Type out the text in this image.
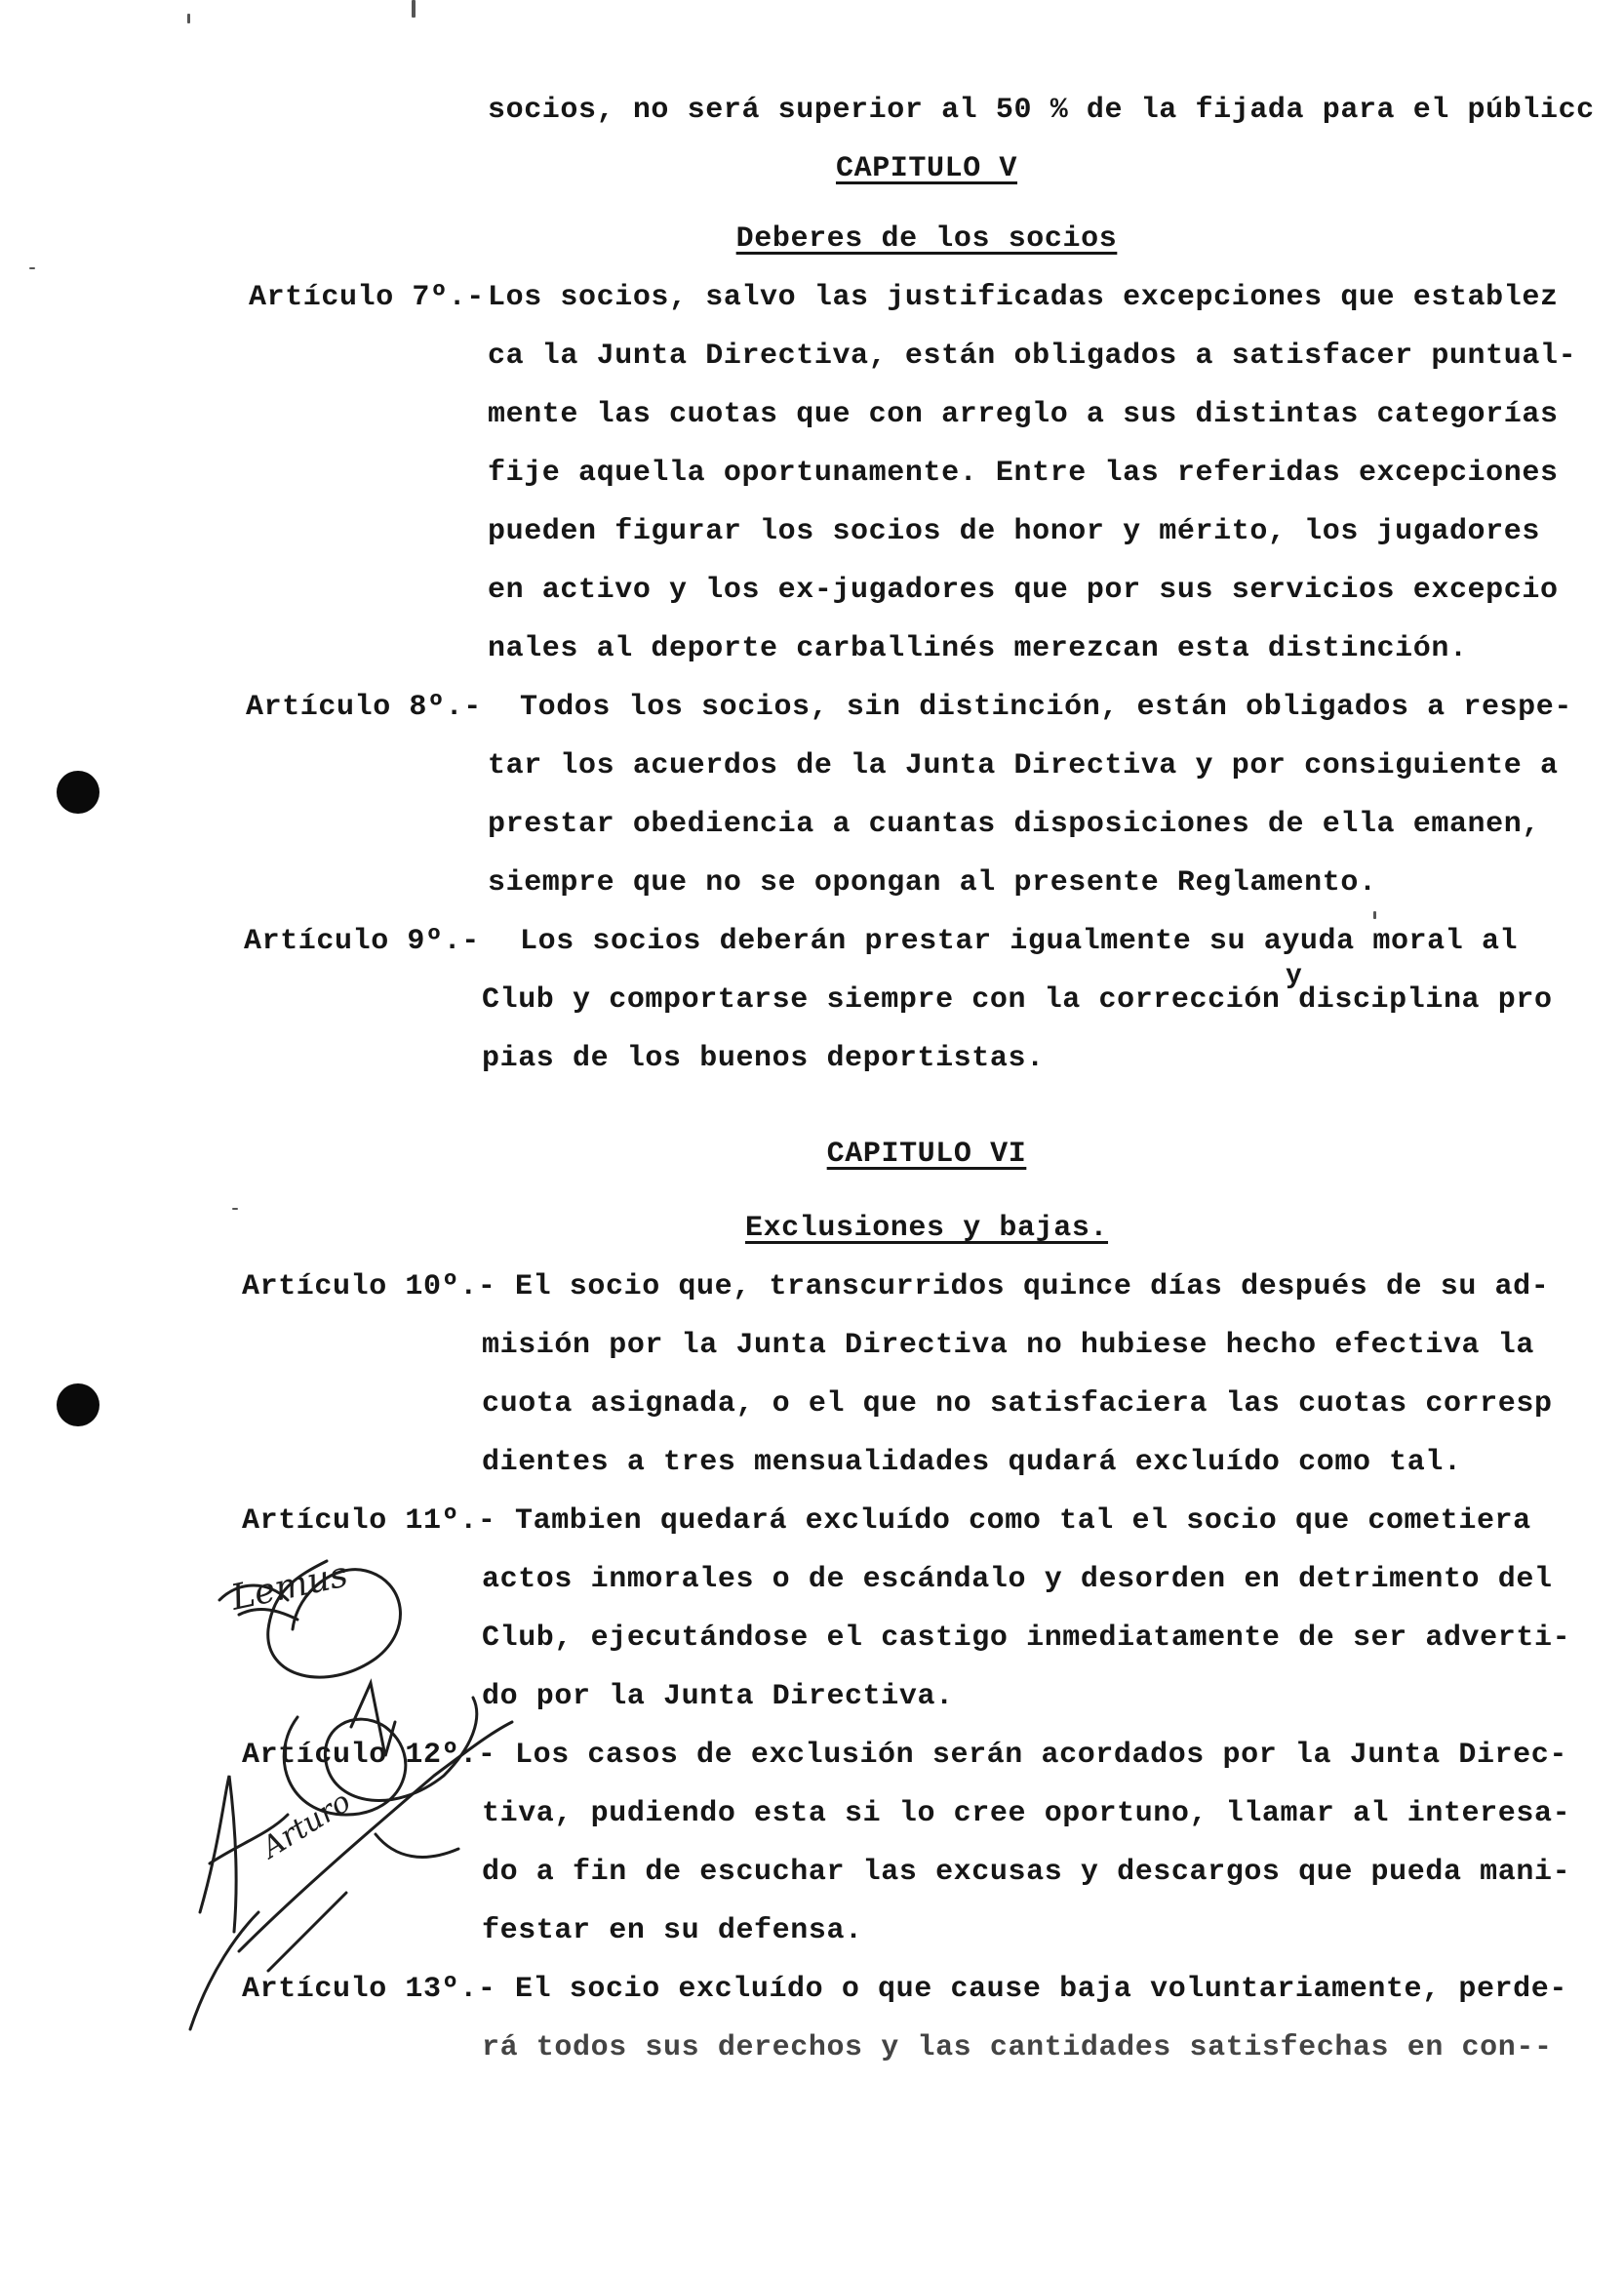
socios, no será superior al 50 % de la fijada para el públicc
CAPITULO V
Deberes de los socios
Artículo 7º.- Los socios, salvo las justificadas excepciones que establez
ca la Junta Directiva, están obligados a satisfacer puntual-
mente las cuotas que con arreglo a sus distintas categorías
fije aquella oportunamente. Entre las referidas excepciones
pueden figurar los socios de honor y mérito, los jugadores
en activo y los ex-jugadores que por sus servicios excepcio
nales al deporte carballinés merezcan esta distinción.
Artículo 8º.- Todos los socios, sin distinción, están obligados a respe-
tar los acuerdos de la Junta Directiva y por consiguiente a
prestar obediencia a cuantas disposiciones de ella emanen,
siempre que no se opongan al presente Reglamento.
Artículo 9º.- Los socios deberán prestar igualmente su ayuda moral al
y
Club y comportarse siempre con la corrección disciplina pro
pias de los buenos deportistas.
CAPITULO VI
Exclusiones y bajas.
Artículo 10º.- El socio que, transcurridos quince días después de su ad-
misión por la Junta Directiva no hubiese hecho efectiva la
cuota asignada, o el que no satisfaciera las cuotas corresp
dientes a tres mensualidades qudará excluído como tal.
Artículo 11º.- Tambien quedará excluído como tal el socio que cometiera
actos inmorales o de escándalo y desorden en detrimento del
Club, ejecutándose el castigo inmediatamente de ser adverti-
do por la Junta Directiva.
Artículo 12º.- Los casos de exclusión serán acordados por la Junta Direc-
tiva, pudiendo esta si lo cree oportuno, llamar al interesa-
do a fin de escuchar las excusas y descargos que pueda mani-
festar en su defensa.
Artículo 13º.- El socio excluído o que cause baja voluntariamente, perde-
rá todos sus derechos y las cantidades satisfechas en con--
Lemus
Arturo
